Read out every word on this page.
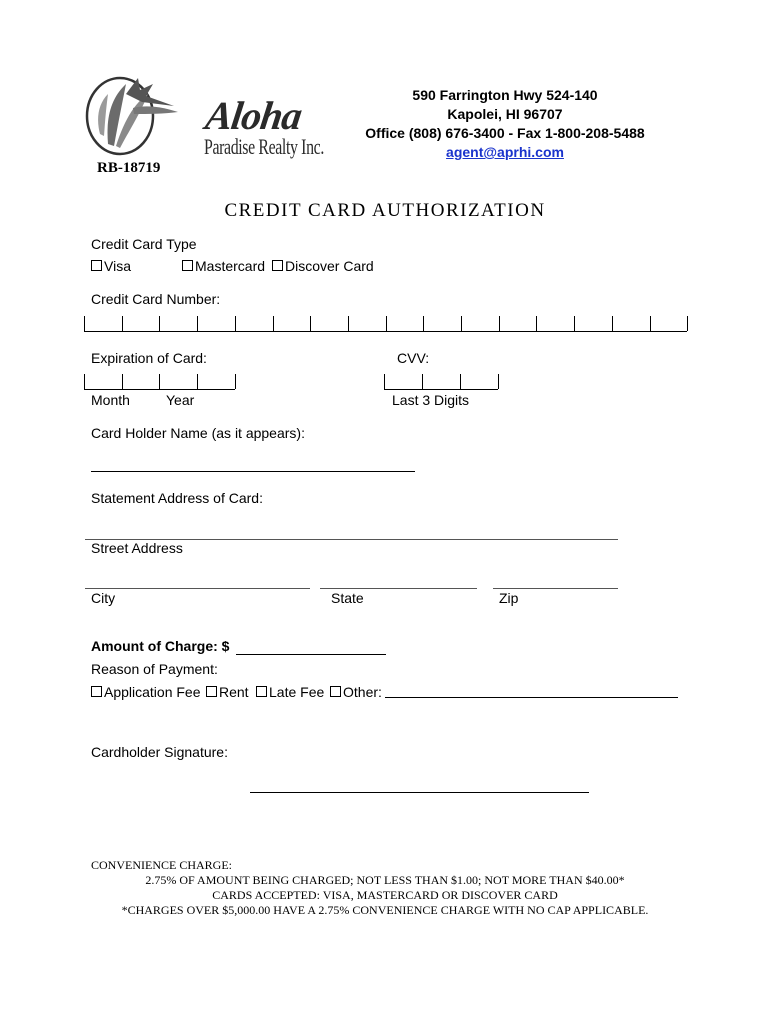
Aloha
Paradise Realty Inc.
RB-18719
590 Farrington Hwy 524-140
Kapolei, HI 96707
Office (808) 676-3400 - Fax 1-800-208-5488
agent@aprhi.com
CREDIT CARD AUTHORIZATION
Credit Card Type
Visa	Mastercard	Discover Card
Credit Card Number:
Expiration of Card:	CVV:
Month	Year	Last 3 Digits
Card Holder Name (as it appears):
Statement Address of Card:
Street Address
City	State	Zip
Amount of Charge: $
Reason of Payment:
Application Fee	Rent	Late Fee	Other:
Cardholder Signature:
CONVENIENCE CHARGE:
2.75% OF AMOUNT BEING CHARGED; NOT LESS THAN $1.00; NOT MORE THAN $40.00*
CARDS ACCEPTED: VISA, MASTERCARD OR DISCOVER CARD
*CHARGES OVER $5,000.00 HAVE A 2.75% CONVENIENCE CHARGE WITH NO CAP APPLICABLE.
